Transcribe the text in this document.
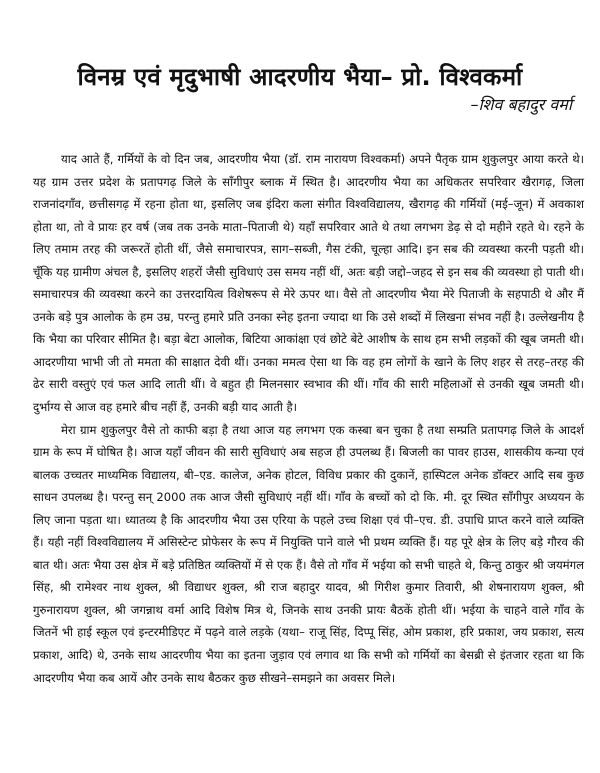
विनम्र एवं मृदुभाषी आदरणीय भैया– प्रो. विश्वकर्मा
–शिव बहादुर वर्मा

याद आते हैं, गर्मियों के वो दिन जब, आदरणीय भैया (डॉ. राम नारायण विश्वकर्मा) अपने पैतृक ग्राम शुकुलपुर आया करते थे। यह ग्राम उत्तर प्रदेश के प्रतापगढ़ जिले के सॉंगीपुर ब्लाक में स्थित है। आदरणीय भैया का अधिकतर सपरिवार खैरागढ़, जिला राजनांदगाँव, छत्तीसगढ़ में रहना होता था, इसलिए जब इंदिरा कला संगीत विश्वविद्यालय, खैरागढ़ की गर्मियों (मई–जून) में अवकाश होता था, तो वे प्रायः हर वर्ष (जब तक उनके माता–पिताजी थे) यहाँ सपरिवार आते थे तथा लगभग डेढ़ से दो महीने रहते थे। रहने के लिए तमाम तरह की जरूरतें होती थीं, जैसे समाचारपत्र, साग–सब्जी, गैस टंकी, चूल्हा आदि। इन सब की व्यवस्था करनी पड़ती थी। चूँकि यह ग्रामीण अंचल है, इसलिए शहरों जैसी सुविधाएं उस समय नहीं थीं, अतः बड़ी जद्दो–जहद से इन सब की व्यवस्था हो पाती थी। समाचारपत्र की व्यवस्था करने का उत्तरदायित्व विशेषरूप से मेरे ऊपर था। वैसे तो आदरणीय भैया मेरे पिताजी के सहपाठी थे और मैं उनके बड़े पुत्र आलोक के हम उम्र, परन्तु हमारे प्रति उनका स्नेह इतना ज्यादा था कि उसे शब्दों में लिखना संभव नहीं है। उल्लेखनीय है कि भैया का परिवार सीमित है। बड़ा बेटा आलोक, बिटिया आकांक्षा एवं छोटे बेटे आशीष के साथ हम सभी लड़कों की खूब जमती थी। आदरणीया भाभी जी तो ममता की साक्षात देवी थीं। उनका ममत्व ऐसा था कि वह हम लोगों के खाने के लिए शहर से तरह–तरह की ढेर सारी वस्तुएं एवं फल आदि लाती थीं। वे बहुत ही मिलनसार स्वभाव की थीं। गाँव की सारी महिलाओं से उनकी खूब जमती थी। दुर्भाग्य से आज वह हमारे बीच नहीं हैं, उनकी बड़ी याद आती है।

मेरा ग्राम शुकुलपुर वैसे तो काफी बड़ा है तथा आज यह लगभग एक कस्बा बन चुका है तथा सम्प्रति प्रतापगढ़ जिले के आदर्श ग्राम के रूप में घोषित है। आज यहाँ जीवन की सारी सुविधाएं अब सहज ही उपलब्ध हैं। बिजली का पावर हाउस, शासकीय कन्या एवं बालक उच्चतर माध्यमिक विद्यालय, बी–एड. कालेज, अनेक होटल, विविध प्रकार की दुकानें, हास्पिटल अनेक डॉक्टर आदि सब कुछ साधन उपलब्ध है। परन्तु सन् 2000 तक आज जैसी सुविधाएं नहीं थीं। गाँव के बच्चों को दो कि. मी. दूर स्थित सॉंगीपुर अध्ययन के लिए जाना पड़ता था। ध्यातव्य है कि आदरणीय भैया उस एरिया के पहले उच्च शिक्षा एवं पी–एच. डी. उपाधि प्राप्त करने वाले व्यक्ति हैं। यही नहीं विश्वविद्यालय में असिस्टेन्ट प्रोफेसर के रूप में नियुक्ति पाने वाले भी प्रथम व्यक्ति हैं। यह पूरे क्षेत्र के लिए बड़े गौरव की बात थी। अतः भैया उस क्षेत्र में बड़े प्रतिष्ठित व्यक्तियों में से एक हैं। वैसे तो गाँव में भईया को सभी चाहते थे, किन्तु ठाकुर श्री जयमंगल सिंह, श्री रामेश्वर नाथ शुक्ल, श्री विद्याधर शुक्ल, श्री राज बहादुर यादव, श्री गिरीश कुमार तिवारी, श्री शेषनारायण शुक्ल, श्री गुरुनारायण शुक्ल, श्री जगन्नाथ वर्मा आदि विशेष मित्र थे, जिनके साथ उनकी प्रायः बैठकें होती थीं। भईया के चाहने वाले गाँव के जितनें भी हाई स्कूल एवं इन्टरमीडिएट में पढ़ने वाले लड़के (यथा– राजू सिंह, दिप्पू सिंह, ओम प्रकाश, हरि प्रकाश, जय प्रकाश, सत्य प्रकाश, आदि) थे, उनके साथ आदरणीय भैया का इतना जुड़ाव एवं लगाव था कि सभी को गर्मियों का बेसब्री से इंतजार रहता था कि आदरणीय भैया कब आयें और उनके साथ बैठकर कुछ सीखने–समझने का अवसर मिले।
